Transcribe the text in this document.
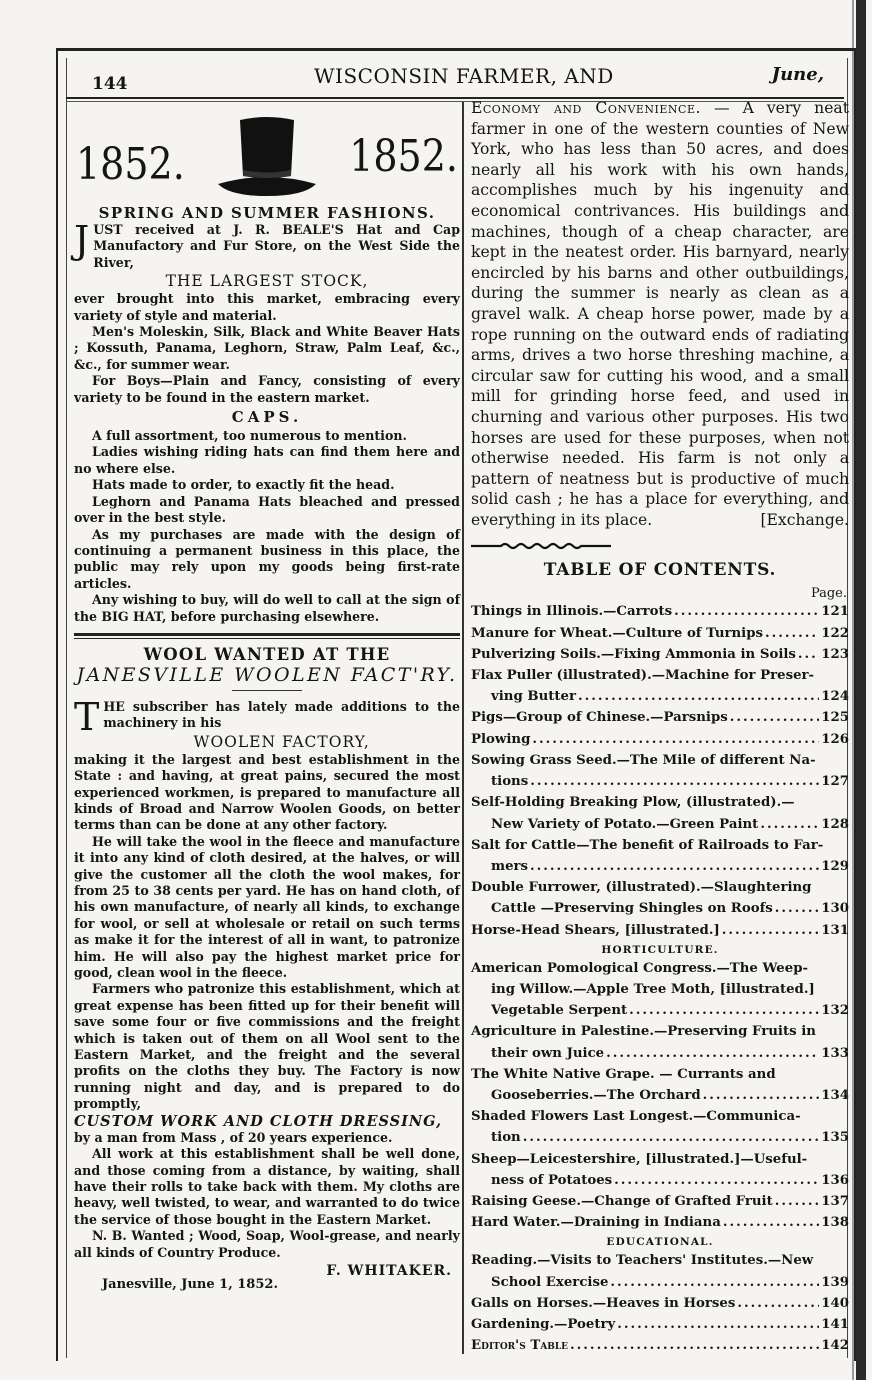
144	WISCONSIN FARMER, AND	June,
1852.	1852.
SPRING AND SUMMER FASHIONS.

JUST received at J. R. BEALE'S Hat and Cap Manufactory and Fur Store, on the West Side the River,

THE LARGEST STOCK,

ever brought into this market, embracing every variety of style and material.

Men's Moleskin, Silk, Black and White Beaver Hats ; Kossuth, Panama, Leghorn, Straw, Palm Leaf, &c., &c., for summer wear.

For Boys—Plain and Fancy, consisting of every variety to be found in the eastern market.

CAPS.

A full assortment, too numerous to mention.

Ladies wishing riding hats can find them here and no where else.

Hats made to order, to exactly fit the head.

Leghorn and Panama Hats bleached and pressed over in the best style.

As my purchases are made with the design of continuing a permanent business in this place, the public may rely upon my goods being first-rate articles.

Any wishing to buy, will do well to call at the sign of the BIG HAT, before purchasing elsewhere.

WOOL WANTED AT THE
JANESVILLE WOOLEN FACT'RY.

THE subscriber has lately made additions to the machinery in his

WOOLEN FACTORY,

making it the largest and best establishment in the State : and having, at great pains, secured the most experienced workmen, is prepared to manufacture all kinds of Broad and Narrow Woolen Goods, on better terms than can be done at any other factory.

He will take the wool in the fleece and manufacture it into any kind of cloth desired, at the halves, or will give the customer all the cloth the wool makes, for from 25 to 38 cents per yard. He has on hand cloth, of his own manufacture, of nearly all kinds, to exchange for wool, or sell at wholesale or retail on such terms as make it for the interest of all in want, to patronize him. He will also pay the highest market price for good, clean wool in the fleece.

Farmers who patronize this establishment, which at great expense has been fitted up for their benefit will save some four or five commissions and the freight which is taken out of them on all Wool sent to the Eastern Market, and the freight and the several profits on the cloths they buy. The Factory is now running night and day, and is prepared to do promptly,

CUSTOM WORK AND CLOTH DRESSING,

by a man from Mass , of 20 years experience.

All work at this establishment shall be well done, and those coming from a distance, by waiting, shall have their rolls to take back with them. My cloths are heavy, well twisted, to wear, and warranted to do twice the service of those bought in the Eastern Market.

N. B. Wanted ; Wood, Soap, Wool-grease, and nearly all kinds of Country Produce.

F. WHITAKER.
Janesville, June 1, 1852.

Economy and Convenience. — A very neat farmer in one of the western counties of New York, who has less than 50 acres, and does nearly all his work with his own hands, accomplishes much by his ingenuity and economical contrivances. His buildings and machines, though of a cheap character, are kept in the neatest order. His barnyard, nearly encircled by his barns and other outbuildings, during the summer is nearly as clean as a gravel walk. A cheap horse power, made by a rope running on the outward ends of radiating arms, drives a two horse threshing machine, a circular saw for cutting his wood, and a small mill for grinding horse feed, and used in churning and various other purposes. His two horses are used for these purposes, when not otherwise needed. His farm is not only a pattern of neatness but is productive of much solid cash ; he has a place for everything, and everything in its place.	[Exchange.

TABLE OF CONTENTS.
Page.
Things in Illinois.—Carrots .....	121
Manure for Wheat.—Culture of Turnips .....	122
Pulverizing Soils.—Fixing Ammonia in Soils ..... 123
Flax Puller (illustrated).—Machine for Preser-
ving Butter .....	124
Pigs—Group of Chinese.—Parsnips .....	125
Plowing .....	126
Sowing Grass Seed.—The Mile of different Na-
tions .....	127
Self-Holding Breaking Plow, (illustrated).—
New Variety of Potato.—Green Paint .....	128
Salt for Cattle—The benefit of Railroads to Far-
mers .....	129
Double Furrower, (illustrated).—Slaughtering
Cattle —Preserving Shingles on Roofs .....	130
Horse-Head Shears, [illustrated.] .....	131
HORTICULTURE.
American Pomological Congress.—The Weep-
ing Willow.—Apple Tree Moth, [illustrated.]
Vegetable Serpent .....	132
Agriculture in Palestine.—Preserving Fruits in
their own Juice .....	133
The White Native Grape. — Currants and
Gooseberries.—The Orchard .....	134
Shaded Flowers Last Longest.—Communica-
tion .....	135
Sheep—Leicestershire, [illustrated.]—Useful-
ness of Potatoes .....	136
Raising Geese.—Change of Grafted Fruit .....	137
Hard Water.—Draining in Indiana .....	138
EDUCATIONAL.
Reading.—Visits to Teachers' Institutes.—New
School Exercise .....	139
Galls on Horses.—Heaves in Horses .....	140
Gardening.—Poetry .....	141
Editor's Table .....	142
